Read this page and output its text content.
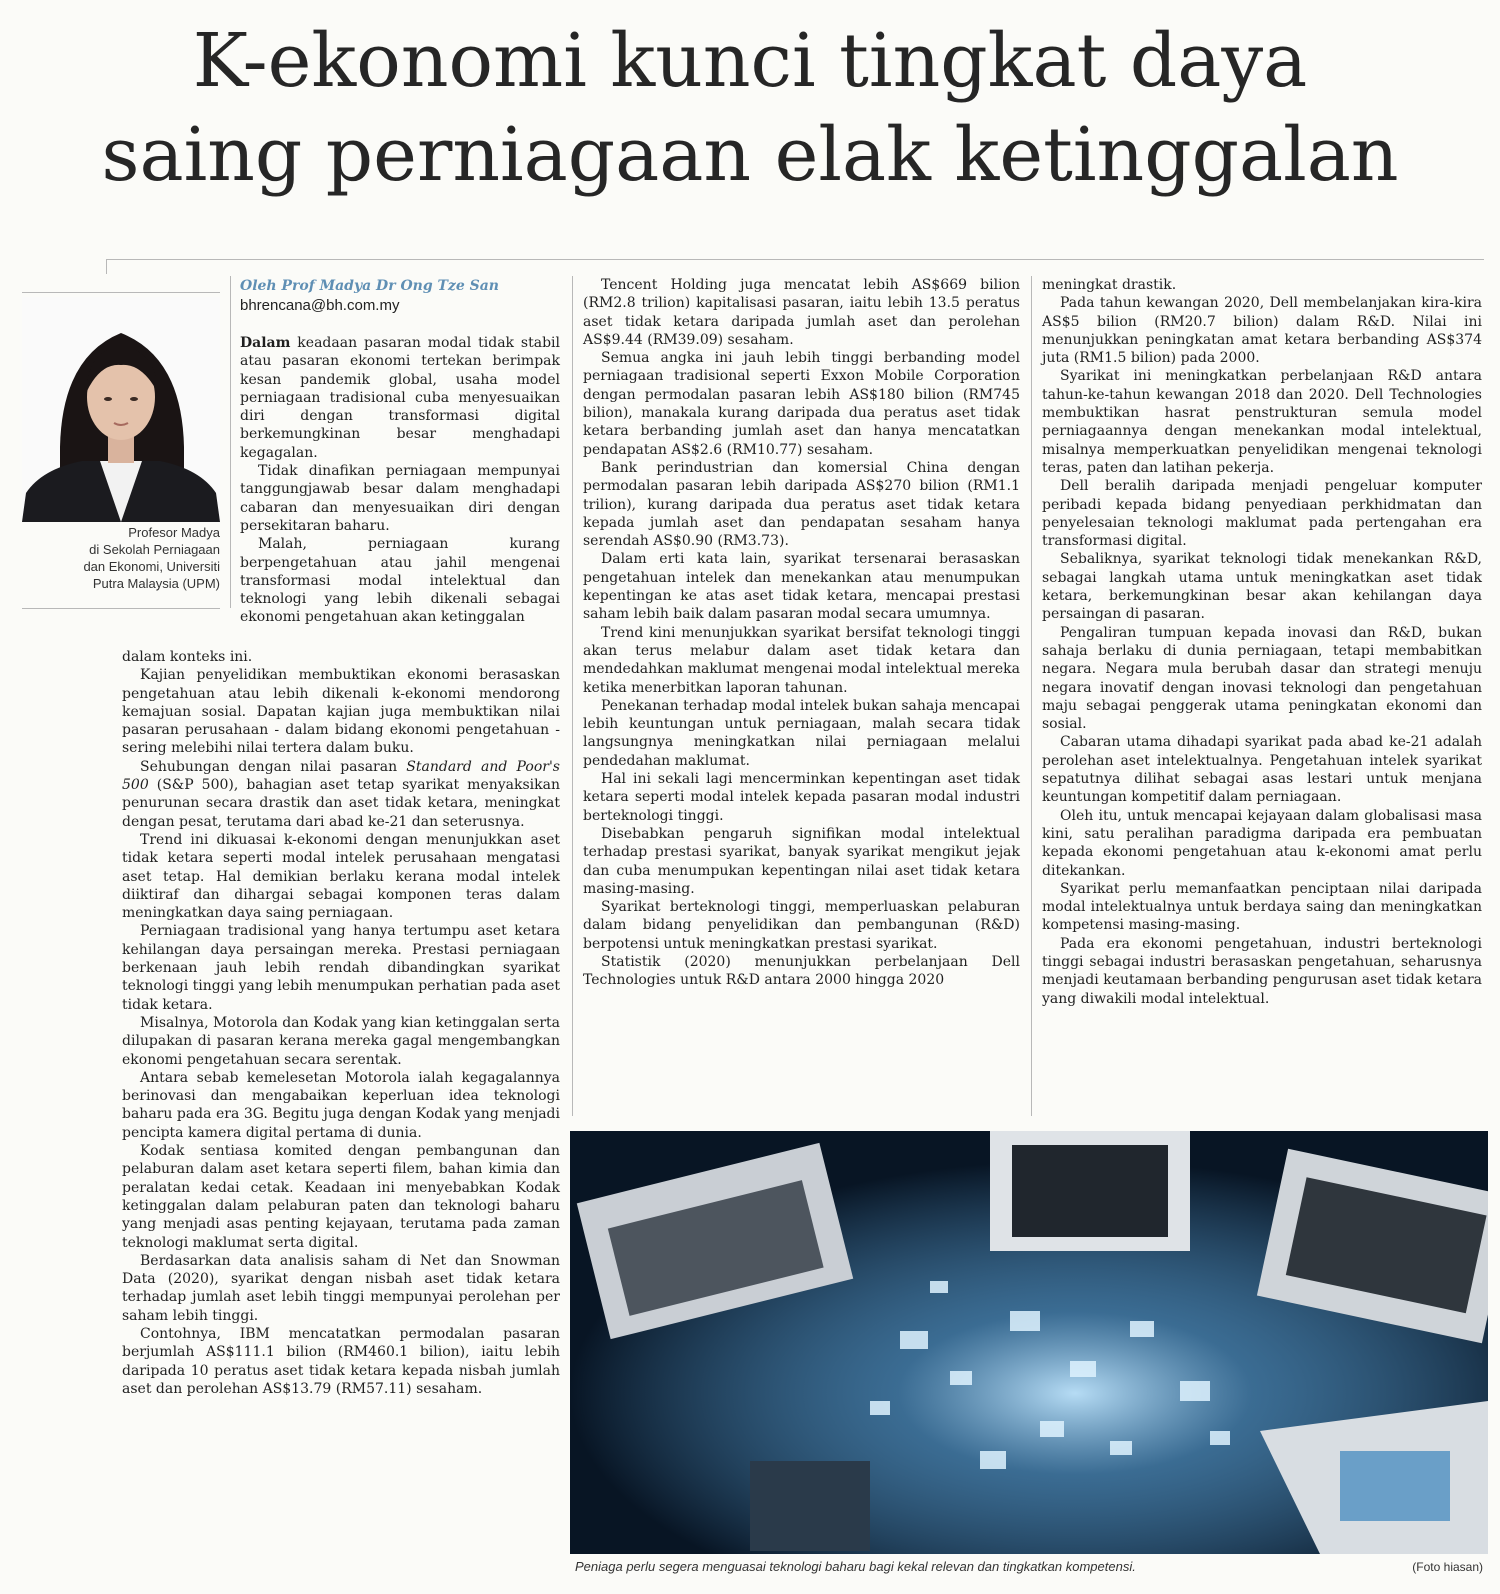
K-ekonomi kunci tingkat daya
saing perniagaan elak ketinggalan
Profesor Madya
di Sekolah Perniagaan
dan Ekonomi, Universiti
Putra Malaysia (UPM)
Oleh Prof Madya Dr Ong Tze San
bhrencana@bh.com.my

Dalam keadaan pasaran modal tidak stabil atau pasaran ekonomi tertekan berimpak kesan pandemik global, usaha model perniagaan tradisional cuba menyesuaikan diri dengan transformasi digital berkemungkinan besar menghadapi kegagalan.

Tidak dinafikan perniagaan mempunyai tanggungjawab besar dalam menghadapi cabaran dan menyesuaikan diri dengan persekitaran baharu.

Malah, perniagaan kurang berpengetahuan atau jahil mengenai transformasi modal intelektual dan teknologi yang lebih dikenali sebagai ekonomi pengetahuan akan ketinggalan

dalam konteks ini.

Kajian penyelidikan membuktikan ekonomi berasaskan pengetahuan atau lebih dikenali k-ekonomi mendorong kemajuan sosial. Dapatan kajian juga membuktikan nilai pasaran perusahaan - dalam bidang ekonomi pengetahuan - sering melebihi nilai tertera dalam buku.

Sehubungan dengan nilai pasaran Standard and Poor's 500 (S&P 500), bahagian aset tetap syarikat menyaksikan penurunan secara drastik dan aset tidak ketara, meningkat dengan pesat, terutama dari abad ke-21 dan seterusnya.

Trend ini dikuasai k-ekonomi dengan menunjukkan aset tidak ketara seperti modal intelek perusahaan mengatasi aset tetap. Hal demikian berlaku kerana modal intelek diiktiraf dan dihargai sebagai komponen teras dalam meningkatkan daya saing perniagaan.

Perniagaan tradisional yang hanya tertumpu aset ketara kehilangan daya persaingan mereka. Prestasi perniagaan berkenaan jauh lebih rendah dibandingkan syarikat teknologi tinggi yang lebih menumpukan perhatian pada aset tidak ketara.

Misalnya, Motorola dan Kodak yang kian ketinggalan serta dilupakan di pasaran kerana mereka gagal mengembangkan ekonomi pengetahuan secara serentak.

Antara sebab kemelesetan Motorola ialah kegagalannya berinovasi dan mengabaikan keperluan idea teknologi baharu pada era 3G. Begitu juga dengan Kodak yang menjadi pencipta kamera digital pertama di dunia.

Kodak sentiasa komited dengan pembangunan dan pelaburan dalam aset ketara seperti filem, bahan kimia dan peralatan kedai cetak. Keadaan ini menyebabkan Kodak ketinggalan dalam pelaburan paten dan teknologi baharu yang menjadi asas penting kejayaan, terutama pada zaman teknologi maklumat serta digital.

Berdasarkan data analisis saham di Net dan Snowman Data (2020), syarikat dengan nisbah aset tidak ketara terhadap jumlah aset lebih tinggi mempunyai perolehan per saham lebih tinggi.

Contohnya, IBM mencatatkan permodalan pasaran berjumlah AS$111.1 bilion (RM460.1 bilion), iaitu lebih daripada 10 peratus aset tidak ketara kepada nisbah jumlah aset dan perolehan AS$13.79 (RM57.11) sesaham.

Tencent Holding juga mencatat lebih AS$669 bilion (RM2.8 trilion) kapitalisasi pasaran, iaitu lebih 13.5 peratus aset tidak ketara daripada jumlah aset dan perolehan AS$9.44 (RM39.09) sesaham.

Semua angka ini jauh lebih tinggi berbanding model perniagaan tradisional seperti Exxon Mobile Corporation dengan permodalan pasaran lebih AS$180 bilion (RM745 bilion), manakala kurang daripada dua peratus aset tidak ketara berbanding jumlah aset dan hanya mencatatkan pendapatan AS$2.6 (RM10.77) sesaham.

Bank perindustrian dan komersial China dengan permodalan pasaran lebih daripada AS$270 bilion (RM1.1 trilion), kurang daripada dua peratus aset tidak ketara kepada jumlah aset dan pendapatan sesaham hanya serendah AS$0.90 (RM3.73).

Dalam erti kata lain, syarikat tersenarai berasaskan pengetahuan intelek dan menekankan atau menumpukan kepentingan ke atas aset tidak ketara, mencapai prestasi saham lebih baik dalam pasaran modal secara umumnya.

Trend kini menunjukkan syarikat bersifat teknologi tinggi akan terus melabur dalam aset tidak ketara dan mendedahkan maklumat mengenai modal intelektual mereka ketika menerbitkan laporan tahunan.

Penekanan terhadap modal intelek bukan sahaja mencapai lebih keuntungan untuk perniagaan, malah secara tidak langsungnya meningkatkan nilai perniagaan melalui pendedahan maklumat.

Hal ini sekali lagi mencerminkan kepentingan aset tidak ketara seperti modal intelek kepada pasaran modal industri berteknologi tinggi.

Disebabkan pengaruh signifikan modal intelektual terhadap prestasi syarikat, banyak syarikat mengikut jejak dan cuba menumpukan kepentingan nilai aset tidak ketara masing-masing.

Syarikat berteknologi tinggi, memperluaskan pelaburan dalam bidang penyelidikan dan pembangunan (R&D) berpotensi untuk meningkatkan prestasi syarikat.

Statistik (2020) menunjukkan perbelanjaan Dell Technologies untuk R&D antara 2000 hingga 2020

meningkat drastik.

Pada tahun kewangan 2020, Dell membelanjakan kira-kira AS$5 bilion (RM20.7 bilion) dalam R&D. Nilai ini menunjukkan peningkatan amat ketara berbanding AS$374 juta (RM1.5 bilion) pada 2000.

Syarikat ini meningkatkan perbelanjaan R&D antara tahun-ke-tahun kewangan 2018 dan 2020. Dell Technologies membuktikan hasrat penstrukturan semula model perniagaannya dengan menekankan modal intelektual, misalnya memperkuatkan penyelidikan mengenai teknologi teras, paten dan latihan pekerja.

Dell beralih daripada menjadi pengeluar komputer peribadi kepada bidang penyediaan perkhidmatan dan penyelesaian teknologi maklumat pada pertengahan era transformasi digital.

Sebaliknya, syarikat teknologi tidak menekankan R&D, sebagai langkah utama untuk meningkatkan aset tidak ketara, berkemungkinan besar akan kehilangan daya persaingan di pasaran.

Pengaliran tumpuan kepada inovasi dan R&D, bukan sahaja berlaku di dunia perniagaan, tetapi membabitkan negara. Negara mula berubah dasar dan strategi menuju negara inovatif dengan inovasi teknologi dan pengetahuan maju sebagai penggerak utama peningkatan ekonomi dan sosial.

Cabaran utama dihadapi syarikat pada abad ke-21 adalah perolehan aset intelektualnya. Pengetahuan intelek syarikat sepatutnya dilihat sebagai asas lestari untuk menjana keuntungan kompetitif dalam perniagaan.

Oleh itu, untuk mencapai kejayaan dalam globalisasi masa kini, satu peralihan paradigma daripada era pembuatan kepada ekonomi pengetahuan atau k-ekonomi amat perlu ditekankan.

Syarikat perlu memanfaatkan penciptaan nilai daripada modal intelektualnya untuk berdaya saing dan meningkatkan kompetensi masing-masing.

Pada era ekonomi pengetahuan, industri berteknologi tinggi sebagai industri berasaskan pengetahuan, seharusnya menjadi keutamaan berbanding pengurusan aset tidak ketara yang diwakili modal intelektual.

Peniaga perlu segera menguasai teknologi baharu bagi kekal relevan dan tingkatkan kompetensi.	(Foto hiasan)
